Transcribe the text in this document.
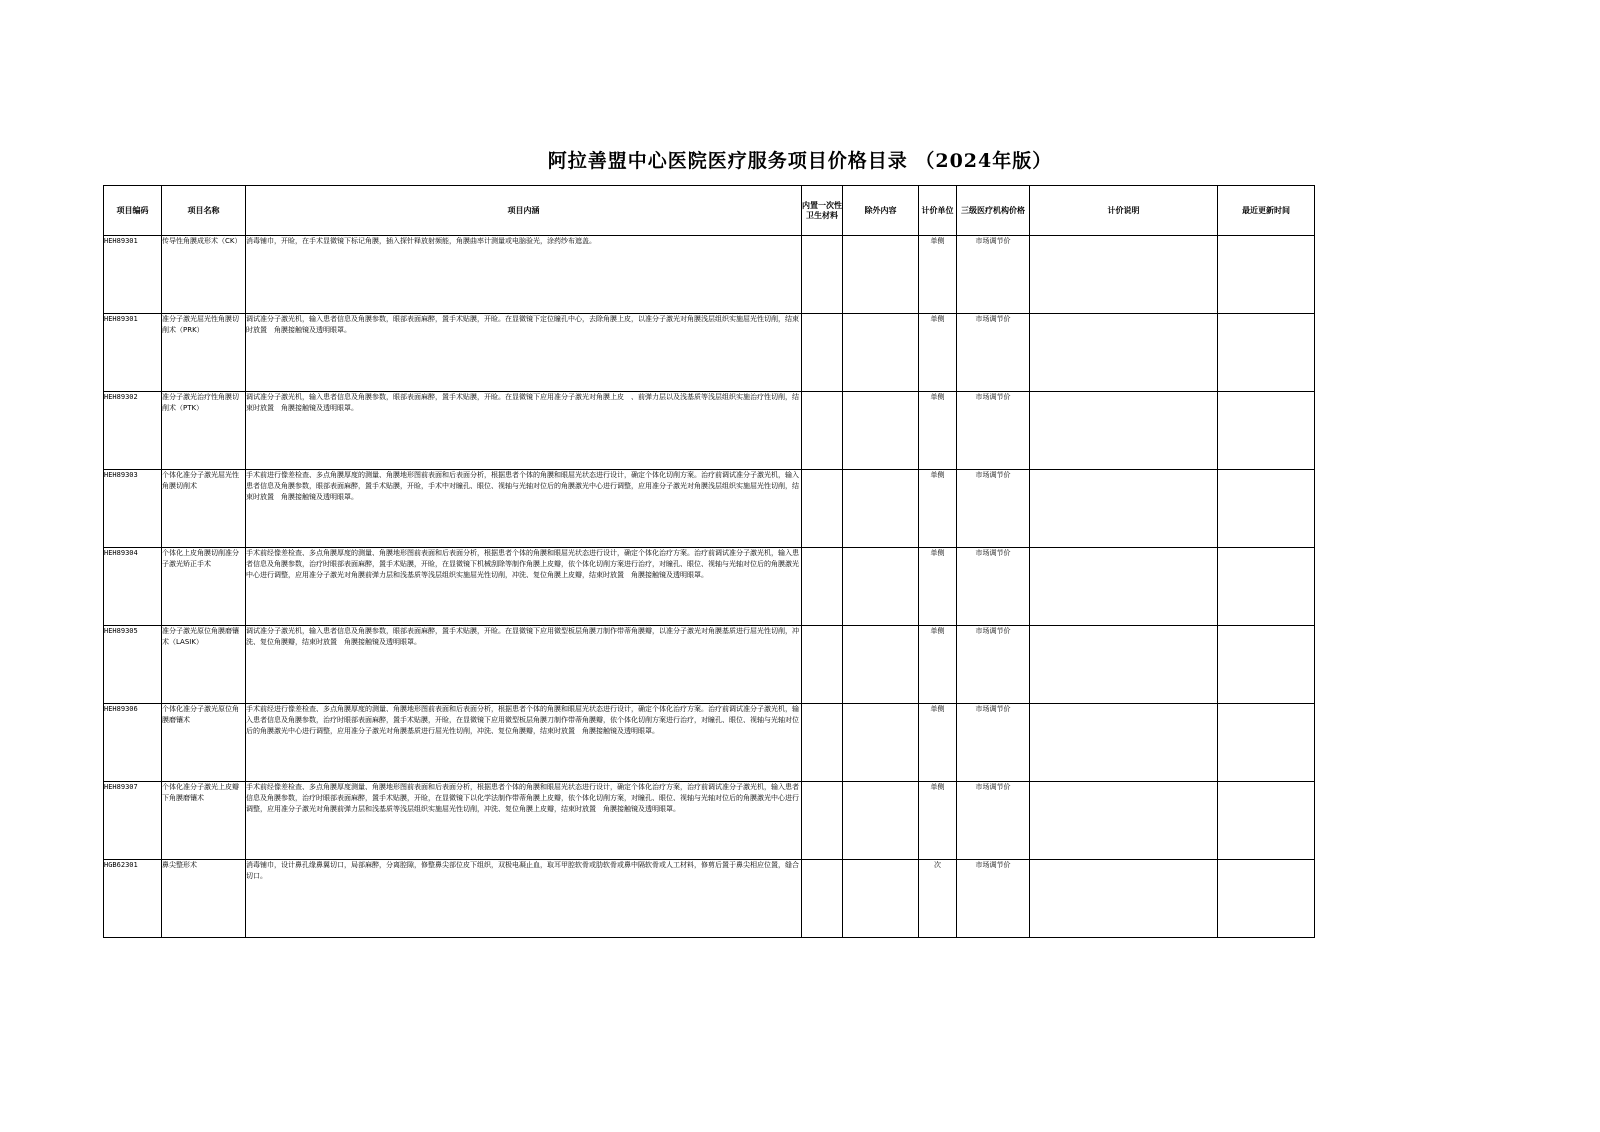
阿拉善盟中心医院医疗服务项目价格目录 （2024年版）
项目编码	项目名称	项目内涵	内置一次性卫生材料	除外内容	计价单位	三级医疗机构价格	计价说明	最近更新时间
HEH89301	传导性角膜成形术（CK）	消毒铺巾，开睑，在手术显微镜下标记角膜，插入探针释放射频能，角膜曲率计测量或电脑验光，涂药纱布遮盖。			单侧	市场调节价		
HEH89301	准分子激光屈光性角膜切削术（PRK）	调试准分子激光机，输入患者信息及角膜参数，眼部表面麻醉，置手术贴膜，开睑。在显微镜下定位瞳孔中心，去除角膜上皮，以准分子激光对角膜浅层组织实施屈光性切削，结束时放置　角膜接触镜及透明眼罩。			单侧	市场调节价		
HEH89302	准分子激光治疗性角膜切削术（PTK）	调试准分子激光机，输入患者信息及角膜参数，眼部表面麻醉，置手术贴膜，开睑。在显微镜下应用准分子激光对角膜上皮　、前弹力层以及浅基质等浅层组织实施治疗性切削，结束时放置　角膜接触镜及透明眼罩。			单侧	市场调节价		
HEH89303	个体化准分子激光屈光性角膜切削术	手术前进行像差检查、多点角膜厚度的测量、角膜地形图前表面和后表面分析，根据患者个体的角膜和眼屈光状态进行设计，确定个体化切削方案。治疗前调试准分子激光机，输入患者信息及角膜参数，眼部表面麻醉，置手术贴膜，开睑，手术中对瞳孔、眼位、视轴与光轴对位后的角膜激光中心进行调整，应用准分子激光对角膜浅层组织实施屈光性切削，结束时放置　角膜接触镜及透明眼罩。			单侧	市场调节价		
HEH89304	个体化上皮角膜切削准分子激光矫正手术	手术前经像差检查、多点角膜厚度的测量、角膜地形图前表面和后表面分析，根据患者个体的角膜和眼屈光状态进行设计，确定个体化治疗方案。治疗前调试准分子激光机，输入患者信息及角膜参数，治疗时眼部表面麻醉，置手术贴膜，开睑，在显微镜下机械刮除等制作角膜上皮瓣，依个体化切削方案进行治疗，对瞳孔、眼位、视轴与光轴对位后的角膜激光中心进行调整，应用准分子激光对角膜前弹力层和浅基质等浅层组织实施屈光性切削，冲洗、复位角膜上皮瓣，结束时放置　角膜接触镜及透明眼罩。			单侧	市场调节价		
HEH89305	准分子激光原位角膜磨镶术（LASIK）	调试准分子激光机，输入患者信息及角膜参数，眼部表面麻醉，置手术贴膜，开睑。在显微镜下应用微型板层角膜刀制作带蒂角膜瓣，以准分子激光对角膜基质进行屈光性切削，冲洗、复位角膜瓣，结束时放置　角膜接触镜及透明眼罩。			单侧	市场调节价		
HEH89306	个体化准分子激光原位角膜磨镶术	手术前经进行像差检查、多点角膜厚度的测量、角膜地形图前表面和后表面分析，根据患者个体的角膜和眼屈光状态进行设计，确定个体化治疗方案。治疗前调试准分子激光机，输入患者信息及角膜参数，治疗时眼部表面麻醉，置手术贴膜，开睑，在显微镜下应用微型板层角膜刀制作带蒂角膜瓣，依个体化切削方案进行治疗，对瞳孔、眼位、视轴与光轴对位后的角膜激光中心进行调整，应用准分子激光对角膜基质进行屈光性切削，冲洗、复位角膜瓣，结束时放置　角膜接触镜及透明眼罩。			单侧	市场调节价		
HEH89307	个体化准分子激光上皮瓣下角膜磨镶术	手术前经像差检查、多点角膜厚度测量、角膜地形图前表面和后表面分析，根据患者个体的角膜和眼屈光状态进行设计，确定个体化治疗方案，治疗前调试准分子激光机，输入患者信息及角膜参数，治疗时眼部表面麻醉，置手术贴膜，开睑，在显微镜下以化学法制作带蒂角膜上皮瓣，依个体化切削方案，对瞳孔、眼位、视轴与光轴对位后的角膜激光中心进行调整，应用准分子激光对角膜前弹力层和浅基质等浅层组织实施屈光性切削，冲洗、复位角膜上皮瓣，结束时放置　角膜接触镜及透明眼罩。			单侧	市场调节价		
HGB62301	鼻尖整形术	消毒铺巾，设计鼻孔缘鼻翼切口，局部麻醉，分离腔隙，修整鼻尖部位皮下组织，双极电凝止血，取耳甲腔软骨或肋软骨或鼻中隔软骨或人工材料，修剪后置于鼻尖相应位置，缝合切口。			次	市场调节价		
